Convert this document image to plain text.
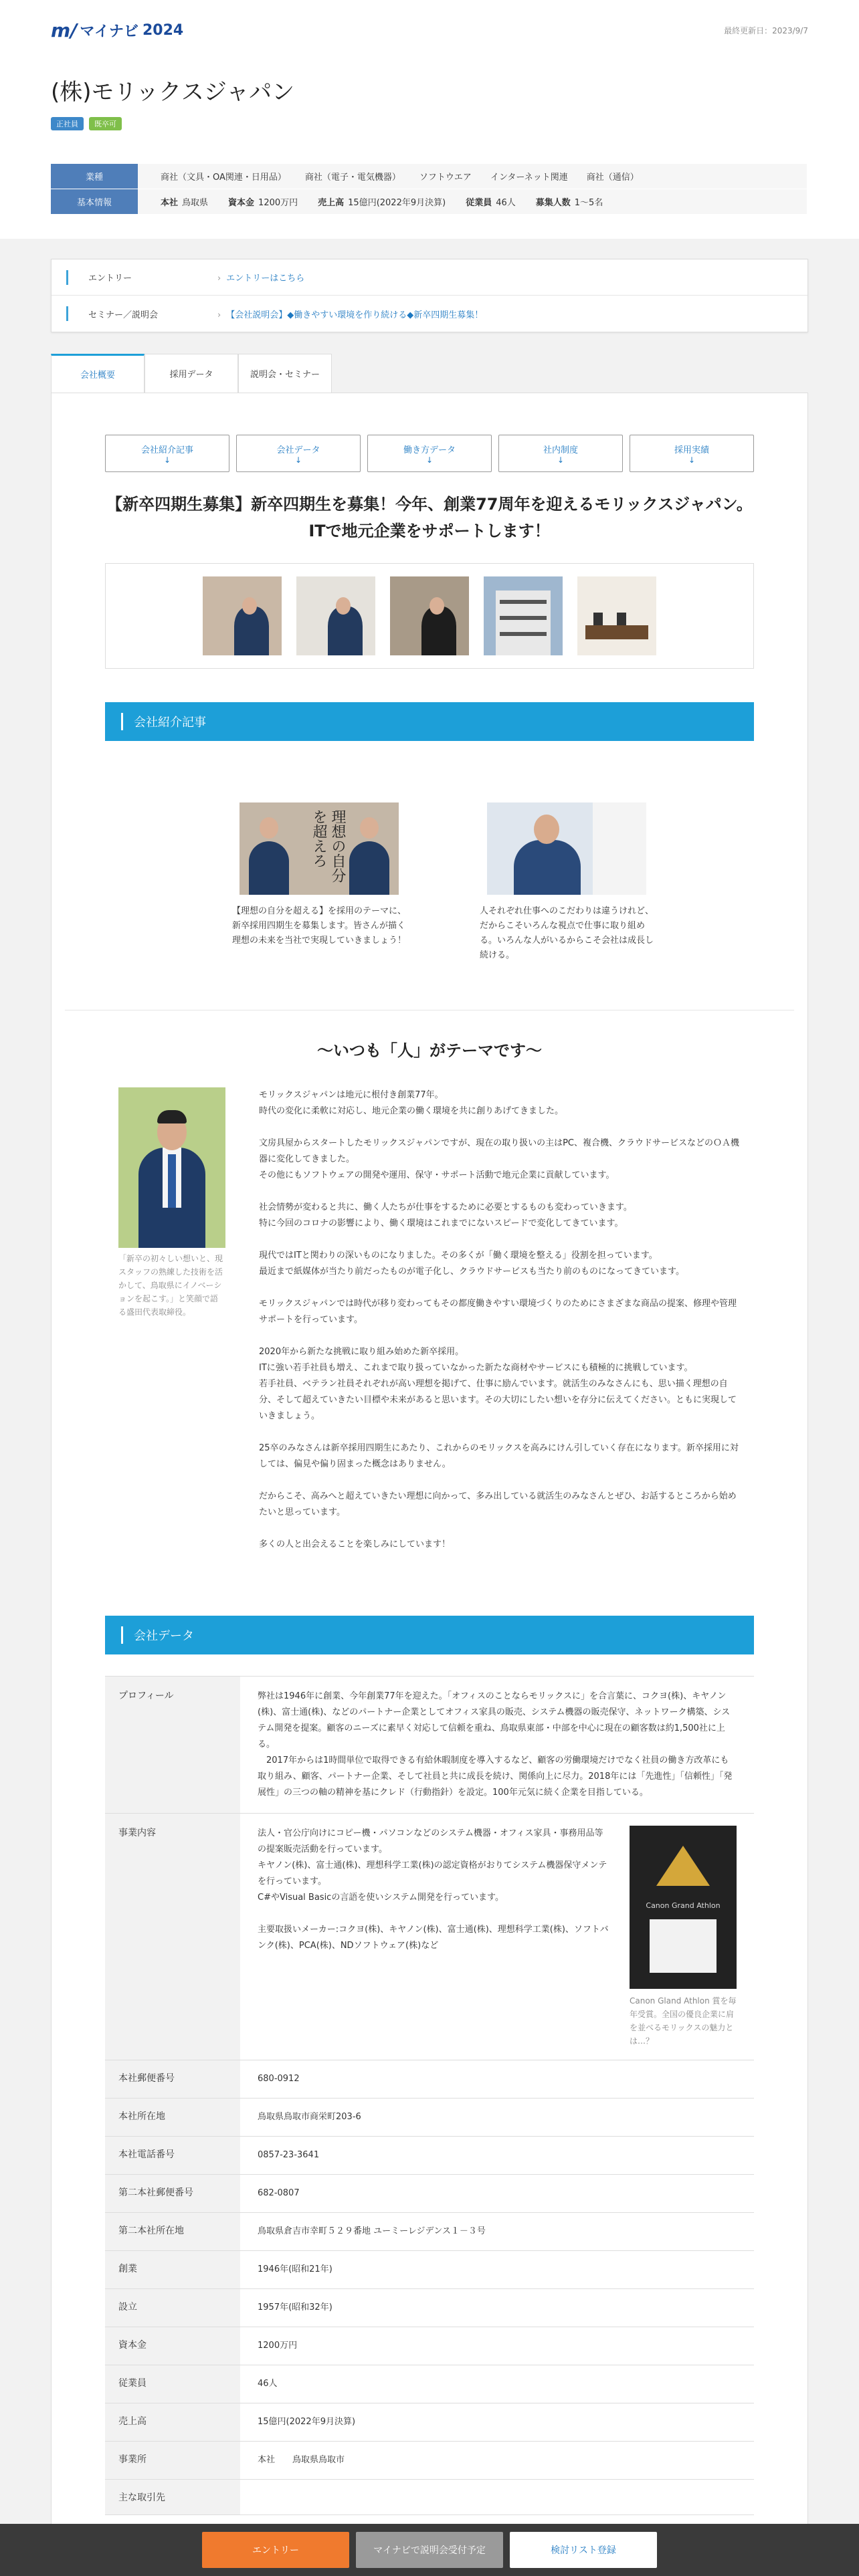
m/ マイナビ 2024	最終更新日：2023/9/7
(株)モリックスジャパン
正社員	既卒可
業種	商社（文具・OA関連・日用品） 商社（電子・電気機器） ソフトウエア インターネット関連 商社（通信）
基本情報	本社 鳥取県 資本金 1200万円 売上高 15億円(2022年9月決算) 従業員 46人 募集人数 1〜5名
エントリー	› エントリーはこちら
セミナー／説明会	› 【会社説明会】◆働きやすい環境を作り続ける◆新卒四期生募集！
会社概要	採用データ	説明会・セミナー
会社紹介記事
↓
会社データ
↓
働き方データ
↓
社内制度
↓
採用実績
↓
【新卒四期生募集】新卒四期生を募集！今年、創業77周年を迎えるモリックスジャパン。ITで地元企業をサポートします！
会社紹介記事
理想の自分を超えろ

【理想の自分を超える】を採用のテーマに、新卒採用四期生を募集します。皆さんが描く理想の未来を当社で実現していきましょう！

人それぞれ仕事へのこだわりは違うけれど、だからこそいろんな視点で仕事に取り組める。いろんな人がいるからこそ会社は成長し続ける。

〜いつも「人」がテーマです〜

「新卒の初々しい想いと、現スタッフの熟練した技術を活かして、鳥取県にイノベーションを起こす。」と笑顔で語る盛田代表取締役。

モリックスジャパンは地元に根付き創業77年。
時代の変化に柔軟に対応し、地元企業の働く環境を共に創りあげてきました。

文房具屋からスタートしたモリックスジャパンですが、現在の取り扱いの主はPC、複合機、クラウドサービスなどのＯＡ機器に変化してきました。
その他にもソフトウェアの開発や運用、保守・サポート活動で地元企業に貢献しています。

社会情勢が変わると共に、働く人たちが仕事をするために必要とするものも変わっていきます。
特に今回のコロナの影響により、働く環境はこれまでにないスピードで変化してきています。

現代ではITと関わりの深いものになりました。その多くが「働く環境を整える」役割を担っています。
最近まで紙媒体が当たり前だったものが電子化し、クラウドサービスも当たり前のものになってきています。

モリックスジャパンでは時代が移り変わってもその都度働きやすい環境づくりのためにさまざまな商品の提案、修理や管理サポートを行っています。

2020年から新たな挑戦に取り組み始めた新卒採用。
ITに強い若手社員も増え、これまで取り扱っていなかった新たな商材やサービスにも積極的に挑戦しています。
若手社員、ベテラン社員それぞれが高い理想を掲げて、仕事に励んでいます。就活生のみなさんにも、思い描く理想の自分、そして超えていきたい目標や未来があると思います。その大切にしたい想いを存分に伝えてください。ともに実現していきましょう。

25卒のみなさんは新卒採用四期生にあたり、これからのモリックスを高みにけん引していく存在になります。新卒採用に対しては、偏見や偏り固まった概念はありません。

だからこそ、高みへと超えていきたい理想に向かって、多み出している就活生のみなさんとぜひ、お話するところから始めたいと思っています。

多くの人と出会えることを楽しみにしています！

会社データ
プロフィール	弊社は1946年に創業、今年創業77年を迎えた。「オフィスのことならモリックスに」を合言葉に、コクヨ(株)、キヤノン(株)、富士通(株)、などのパートナー企業としてオフィス家具の販売、システム機器の販売保守、ネットワーク構築、システム開発を提案。顧客のニーズに素早く対応して信頼を重ね、鳥取県東部・中部を中心に現在の顧客数は約1,500社に上る。
　2017年からは1時間単位で取得できる有給休暇制度を導入するなど、顧客の労働環境だけでなく社員の働き方改革にも取り組み、顧客、パートナー企業、そして社員と共に成長を続け、関係向上に尽力。2018年には「先進性」「信頼性」「発展性」の三つの軸の精神を基にクレド（行動指針）を設定。100年元気に続く企業を目指している。
事業内容	法人・官公庁向けにコピー機・パソコンなどのシステム機器・オフィス家具・事務用品等の提案販売活動を行っています。
キヤノン(株)、富士通(株)、理想科学工業(株)の認定資格がおりてシステム機器保守メンテを行っています。
C#やVisual Basicの言語を使いシステム開発を行っています。

主要取扱いメーカー:コクヨ(株)、キヤノン(株)、富士通(株)、理想科学工業(株)、ソフトバンク(株)、PCA(株)、NDソフトウェア(株)など
Canon Grand Athlon

Canon Gland Athlon 賞を毎年受賞。全国の優良企業に肩を並べるモリックスの魅力とは…？

本社郵便番号	680-0912
本社所在地	鳥取県鳥取市商栄町203-6
本社電話番号	0857-23-3641
第二本社郵便番号	682-0807
第二本社所在地	鳥取県倉吉市幸町５２９番地 ユーミーレジデンス１－３号
創業	1946年(昭和21年)
設立	1957年(昭和32年)
資本金	1200万円
従業員	46人
売上高	15億円(2022年9月決算)
事業所	本社　　鳥取県鳥取市
主な取引先
エントリー	マイナビで説明会受付予定	検討リスト登録
